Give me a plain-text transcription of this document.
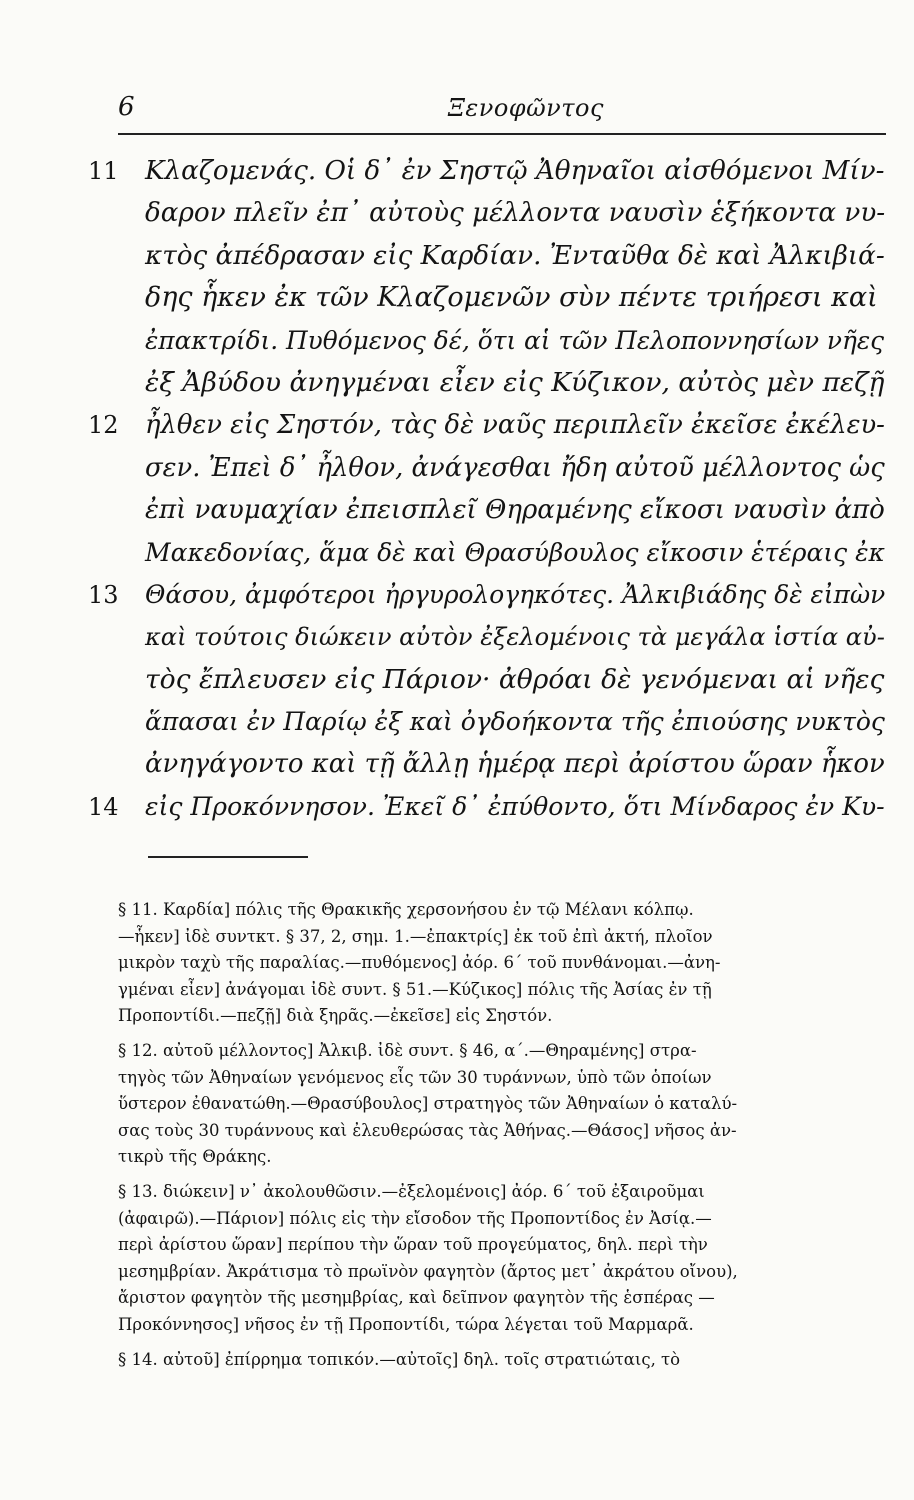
6	Ξενοφῶντος
11 Κλαζομενάς. Οἱ δ᾽ ἐν Σηστῷ Ἀθηναῖοι αἰσθόμενοι Μίν-
δαρον πλεῖν ἐπ᾽ αὐτοὺς μέλλοντα ναυσὶν ἑξήκοντα νυ-
κτὸς ἀπέδρασαν εἰς Καρδίαν. Ἐνταῦθα δὲ καὶ Ἀλκιβιά-
δης ἧκεν ἐκ τῶν Κλαζομενῶν σὺν πέντε τριήρεσι καὶ
ἐπακτρίδι. Πυθόμενος δέ, ὅτι αἱ τῶν Πελοποννησίων νῆες
ἐξ Ἀβύδου ἀνηγμέναι εἶεν εἰς Κύζικον, αὐτὸς μὲν πεζῇ
12 ἦλθεν εἰς Σηστόν, τὰς δὲ ναῦς περιπλεῖν ἐκεῖσε ἐκέλευ-
σεν. Ἐπεὶ δ᾽ ἦλθον, ἀνάγεσθαι ἤδη αὐτοῦ μέλλοντος ὡς
ἐπὶ ναυμαχίαν ἐπεισπλεῖ Θηραμένης εἴκοσι ναυσὶν ἀπὸ
Μακεδονίας, ἅμα δὲ καὶ Θρασύβουλος εἴκοσιν ἑτέραις ἐκ
13 Θάσου, ἀμφότεροι ἠργυρολογηκότες. Ἀλκιβιάδης δὲ εἰπὼν
καὶ τούτοις διώκειν αὐτὸν ἐξελομένοις τὰ μεγάλα ἱστία αὐ-
τὸς ἔπλευσεν εἰς Πάριον· ἀθρόαι δὲ γενόμεναι αἱ νῆες
ἅπασαι ἐν Παρίῳ ἐξ καὶ ὀγδοήκοντα τῆς ἐπιούσης νυκτὸς
ἀνηγάγοντο καὶ τῇ ἄλλῃ ἡμέρᾳ περὶ ἀρίστου ὥραν ἧκον
14 εἰς Προκόννησον. Ἐκεῖ δ᾽ ἐπύθοντο, ὅτι Μίνδαρος ἐν Κυ-
§ 11. Καρδία] πόλις τῆς Θρακικῆς χερσονήσου ἐν τῷ Μέλανι κόλπῳ.
—ἧκεν] ἰδὲ συντκτ. § 37, 2, σημ. 1.—ἐπακτρίς] ἐκ τοῦ ἐπὶ ἀκτή, πλοῖον
μικρὸν ταχὺ τῆς παραλίας.—πυθόμενος] ἀόρ. 6΄ τοῦ πυνθάνομαι.—ἀνη-
γμέναι εἶεν] ἀνάγομαι ἰδὲ συντ. § 51.—Κύζικος] πόλις τῆς Ἀσίας ἐν τῇ
Προποντίδι.—πεζῇ] διὰ ξηρᾶς.—ἐκεῖσε] εἰς Σηστόν.
§ 12. αὐτοῦ μέλλοντος] Ἀλκιβ. ἰδὲ συντ. § 46, α΄.—Θηραμένης] στρα-
τηγὸς τῶν Ἀθηναίων γενόμενος εἷς τῶν 30 τυράννων, ὑπὸ τῶν ὁποίων
ὕστερον ἐθανατώθη.—Θρασύβουλος] στρατηγὸς τῶν Ἀθηναίων ὁ καταλύ-
σας τοὺς 30 τυράννους καὶ ἐλευθερώσας τὰς Ἀθήνας.—Θάσος] νῆσος ἀν-
τικρὺ τῆς Θράκης.
§ 13. διώκειν] ν᾽ ἀκολουθῶσιν.—ἐξελομένοις] ἀόρ. 6΄ τοῦ ἐξαιροῦμαι
(ἀφαιρῶ).—Πάριον] πόλις εἰς τὴν εἴσοδον τῆς Προποντίδος ἐν Ἀσίᾳ.—
περὶ ἀρίστου ὥραν] περίπου τὴν ὥραν τοῦ προγεύματος, δηλ. περὶ τὴν
μεσημβρίαν. Ἀκράτισμα τὸ πρωϊνὸν φαγητὸν (ἄρτος μετ᾽ ἀκράτου οἴνου),
ἄριστον φαγητὸν τῆς μεσημβρίας, καὶ δεῖπνον φαγητὸν τῆς ἑσπέρας —
Προκόννησος] νῆσος ἐν τῇ Προποντίδι, τώρα λέγεται τοῦ Μαρμαρᾶ.
§ 14. αὐτοῦ] ἐπίρρημα τοπικόν.—αὐτοῖς] δηλ. τοῖς στρατιώταις, τὸ
